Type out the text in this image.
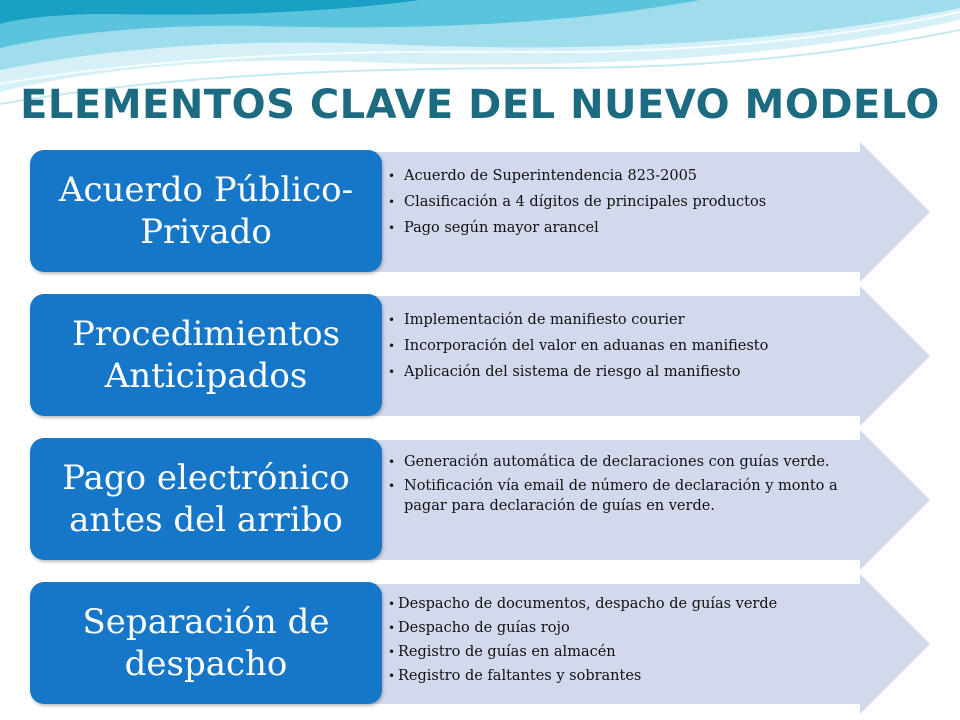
ELEMENTOS CLAVE DEL NUEVO MODELO
Acuerdo Público-Privado
• Acuerdo de Superintendencia 823-2005
• Clasificación a 4 dígitos de principales productos
• Pago según mayor arancel
Procedimientos Anticipados
• Implementación de manifiesto courier
• Incorporación del valor en aduanas en manifiesto
• Aplicación del sistema de riesgo al manifiesto
Pago electrónico antes del arribo
• Generación automática de declaraciones con guías verde.
• Notificación vía email de número de declaración y monto a pagar para declaración de guías en verde.
Separación de despacho
• Despacho de documentos, despacho de guías verde
• Despacho de guías rojo
• Registro de guías en almacén
• Registro de faltantes y sobrantes
